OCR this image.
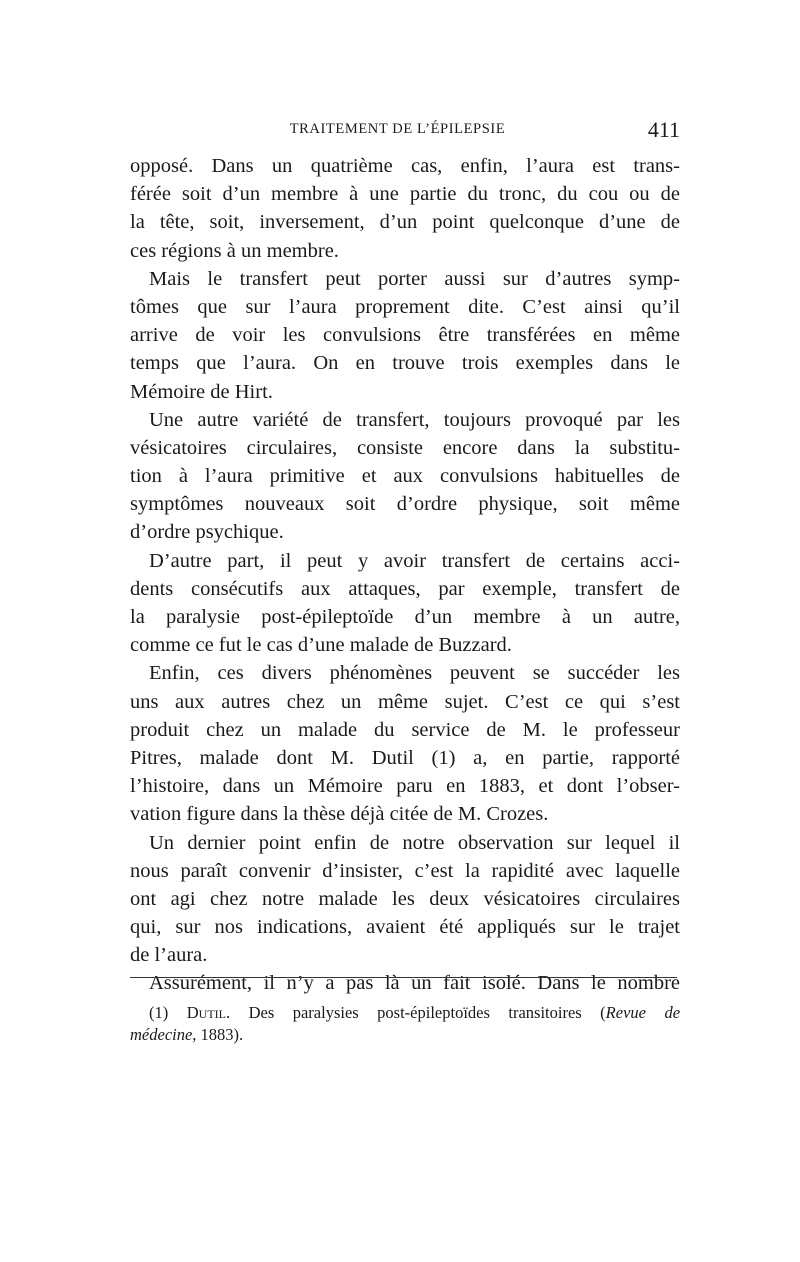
TRAITEMENT DE L’ÉPILEPSIE	411
opposé. Dans un quatrième cas, enfin, l’aura est trans-
férée soit d’un membre à une partie du tronc, du cou ou de
la tête, soit, inversement, d’un point quelconque d’une de
ces régions à un membre.
Mais le transfert peut porter aussi sur d’autres symp-
tômes que sur l’aura proprement dite. C’est ainsi qu’il
arrive de voir les convulsions être transférées en même
temps que l’aura. On en trouve trois exemples dans le
Mémoire de Hirt.
Une autre variété de transfert, toujours provoqué par les
vésicatoires circulaires, consiste encore dans la substitu-
tion à l’aura primitive et aux convulsions habituelles de
symptômes nouveaux soit d’ordre physique, soit même
d’ordre psychique.
D’autre part, il peut y avoir transfert de certains acci-
dents consécutifs aux attaques, par exemple, transfert de
la paralysie post-épileptoïde d’un membre à un autre,
comme ce fut le cas d’une malade de Buzzard.
Enfin, ces divers phénomènes peuvent se succéder les
uns aux autres chez un même sujet. C’est ce qui s’est
produit chez un malade du service de M. le professeur
Pitres, malade dont M. Dutil (1) a, en partie, rapporté
l’histoire, dans un Mémoire paru en 1883, et dont l’obser-
vation figure dans la thèse déjà citée de M. Crozes.
Un dernier point enfin de notre observation sur lequel il
nous paraît convenir d’insister, c’est la rapidité avec laquelle
ont agi chez notre malade les deux vésicatoires circulaires
qui, sur nos indications, avaient été appliqués sur le trajet
de l’aura.
Assurément, il n’y a pas là un fait isolé. Dans le nombre
(1) Dutil. Des paralysies post-épileptoïdes transitoires (Revue de
médecine, 1883).
